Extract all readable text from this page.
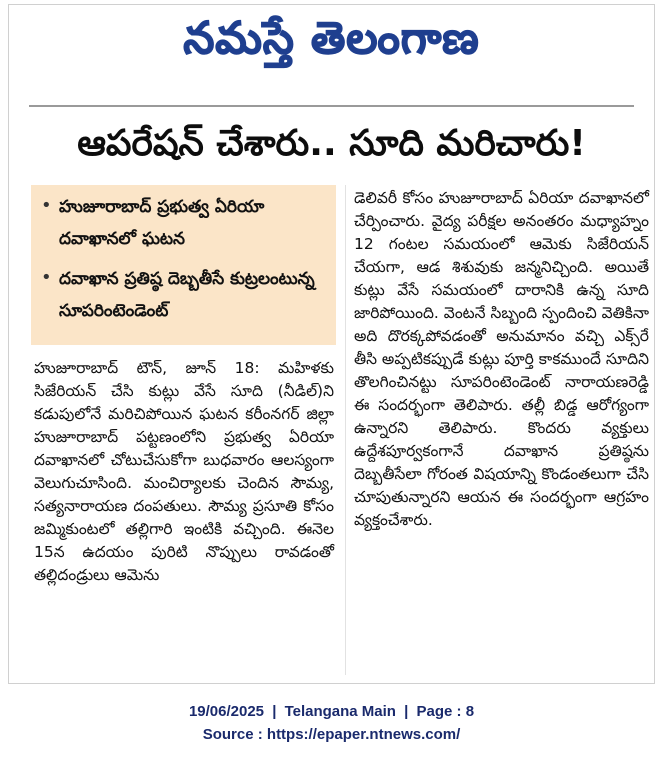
నమస్తే తెలంగాణ
ఆపరేషన్ చేశారు.. సూది మరిచారు!
• హుజూరాబాద్ ప్రభుత్వ ఏరియా దవాఖానలో ఘటన
• దవాఖాన ప్రతిష్ఠ దెబ్బతీసే కుట్రలంటున్న సూపరింటెండెంట్

హుజూరాబాద్ టౌన్, జూన్ 18: మహిళకు సిజేరియన్ చేసి కుట్లు వేసే సూది (నీడిల్)ని కడుపులోనే మరిచిపోయిన ఘటన కరీంనగర్ జిల్లా హుజూరాబాద్ పట్టణంలోని ప్రభుత్వ ఏరియా దవాఖానలో చోటుచేసుకోగా బుధవారం ఆలస్యంగా వెలుగుచూసింది. మంచిర్యాలకు చెందిన సౌమ్య, సత్యనారాయణ దంపతులు. సౌమ్య ప్రసూతి కోసం జమ్మికుంటలో తల్లిగారి ఇంటికి వచ్చింది. ఈనెల 15న ఉదయం పురిటి నొప్పులు రావడంతో తల్లిదండ్రులు ఆమెను

డెలివరీ కోసం హుజూరాబాద్ ఏరియా దవాఖానలో చేర్పించారు. వైద్య పరీక్షల అనంతరం మధ్యాహ్నం 12 గంటల సమయంలో ఆమెకు సిజేరియన్ చేయగా, ఆడ శిశువుకు జన్మనిచ్చింది. అయితే కుట్లు వేసే సమయంలో దారానికి ఉన్న సూది జారిపోయింది. వెంటనే సిబ్బంది స్పందించి వెతికినా అది దొరక్కపోవడంతో అనుమానం వచ్చి ఎక్స్‌రే తీసి అప్పటికప్పుడే కుట్లు పూర్తి కాకముందే సూదిని తొలగించినట్టు సూపరింటెండెంట్ నారాయణరెడ్డి ఈ సందర్భంగా తెలిపారు. తల్లీ బిడ్డ ఆరోగ్యంగా ఉన్నారని తెలిపారు. కొందరు వ్యక్తులు ఉద్దేశపూర్వకంగానే దవాఖాన ప్రతిష్ఠను దెబ్బతీసేలా గోరంత విషయాన్ని కొండంతలుగా చేసి చూపుతున్నారని ఆయన ఈ సందర్భంగా ఆగ్రహం వ్యక్తంచేశారు.

19/06/2025 | Telangana Main | Page : 8
Source : https://epaper.ntnews.com/
